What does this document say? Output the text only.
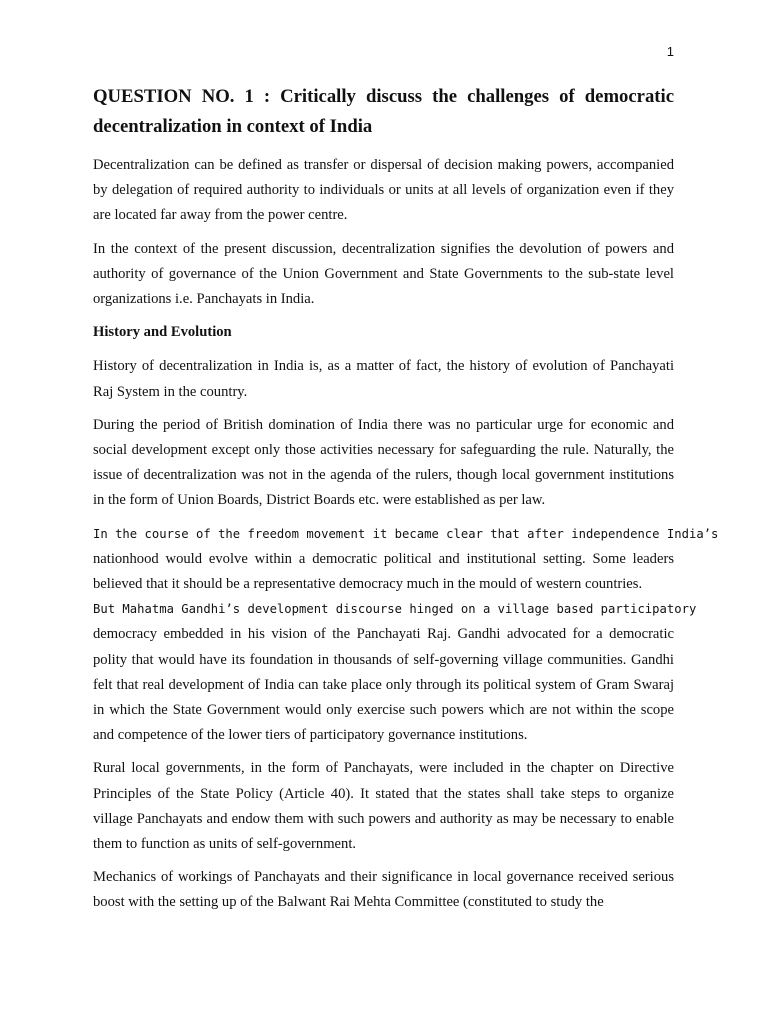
1
QUESTION NO. 1 : Critically discuss the challenges of democratic decentralization in context of India

Decentralization can be defined as transfer or dispersal of decision making powers, accompanied by delegation of required authority to individuals or units at all levels of organization even if they are located far away from the power centre.

In the context of the present discussion, decentralization signifies the devolution of powers and authority of governance of the Union Government and State Governments to the sub-state level organizations i.e. Panchayats in India.

History and Evolution

History of decentralization in India is, as a matter of fact, the history of evolution of Panchayati Raj System in the country.

During the period of British domination of India there was no particular urge for economic and social development except only those activities necessary for safeguarding the rule. Naturally, the issue of decentralization was not in the agenda of the rulers, though local government institutions in the form of Union Boards, District Boards etc. were established as per law.

In the course of the freedom movement it became clear that after independence India’s
nationhood would evolve within a democratic political and institutional setting. Some leaders believed that it should be a representative democracy much in the mould of western countries.
But Mahatma Gandhi’s development discourse hinged on a village based participatory
democracy embedded in his vision of the Panchayati Raj. Gandhi advocated for a democratic polity that would have its foundation in thousands of self-governing village communities. Gandhi felt that real development of India can take place only through its political system of Gram Swaraj in which the State Government would only exercise such powers which are not within the scope and competence of the lower tiers of participatory governance institutions.

Rural local governments, in the form of Panchayats, were included in the chapter on Directive Principles of the State Policy (Article 40). It stated that the states shall take steps to organize village Panchayats and endow them with such powers and authority as may be necessary to enable them to function as units of self-government.

Mechanics of workings of Panchayats and their significance in local governance received serious boost with the setting up of the Balwant Rai Mehta Committee (constituted to study the
